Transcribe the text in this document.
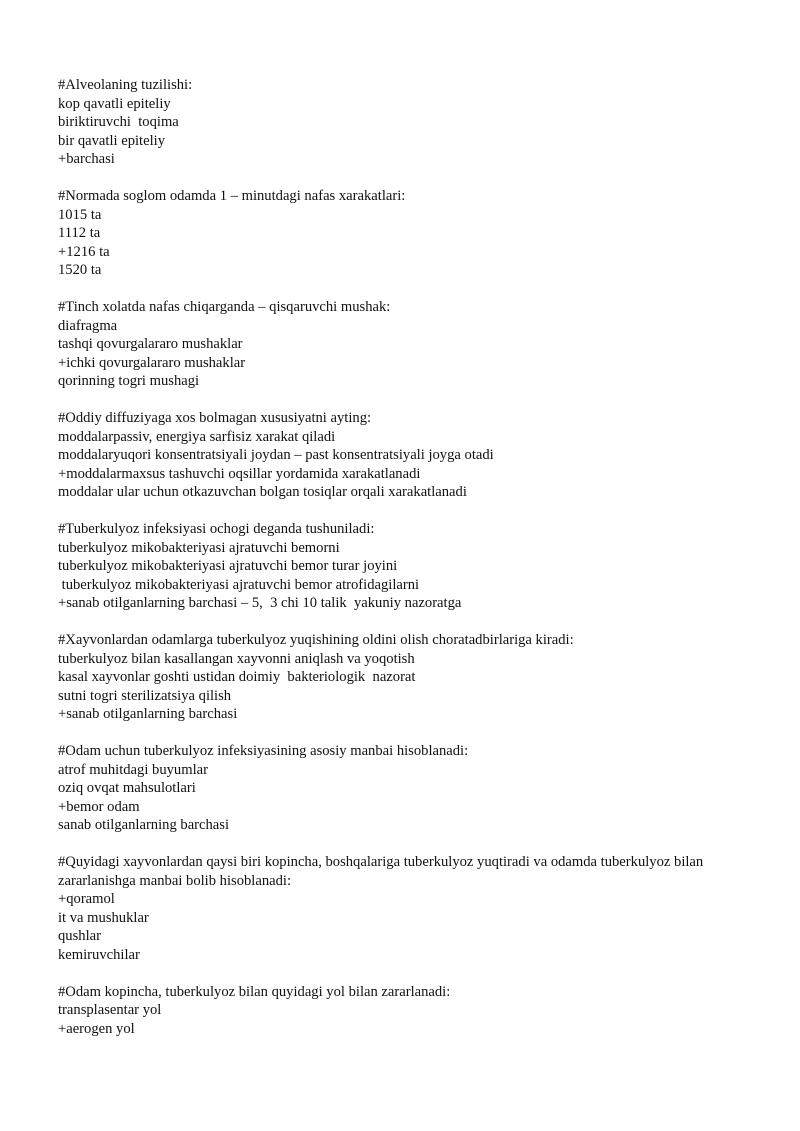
#Alveolaning tuzilishi:
kop qavatli epiteliy
biriktiruvchi  toqima
bir qavatli epiteliy
+barchasi
#Normada soglom odamda 1 – minutdagi nafas xarakatlari:
1015 ta
1112 ta
+1216 ta
1520 ta
#Tinch xolatda nafas chiqarganda – qisqaruvchi mushak:
diafragma
tashqi qovurgalararo mushaklar
+ichki qovurgalararo mushaklar
qorinning togri mushagi
#Oddiy diffuziyaga xos bolmagan xususiyatni ayting:
moddalarpassiv, energiya sarfisiz xarakat qiladi
moddalaryuqori konsentratsiyali joydan – past konsentratsiyali joyga otadi
+moddalarmaxsus tashuvchi oqsillar yordamida xarakatlanadi
moddalar ular uchun otkazuvchan bolgan tosiqlar orqali xarakatlanadi
#Tuberkulyoz infeksiyasi ochogi deganda tushuniladi:
tuberkulyoz mikobakteriyasi ajratuvchi bemorni
tuberkulyoz mikobakteriyasi ajratuvchi bemor turar joyini
tuberkulyoz mikobakteriyasi ajratuvchi bemor atrofidagilarni
+sanab otilganlarning barchasi – 5,  3 chi 10 talik  yakuniy nazoratga
#Xayvonlardan odamlarga tuberkulyoz yuqishining oldini olish choratadbirlariga kiradi:
tuberkulyoz bilan kasallangan xayvonni aniqlash va yoqotish
kasal xayvonlar goshti ustidan doimiy  bakteriologik  nazorat
sutni togri sterilizatsiya qilish
+sanab otilganlarning barchasi
#Odam uchun tuberkulyoz infeksiyasining asosiy manbai hisoblanadi:
atrof muhitdagi buyumlar
oziq ovqat mahsulotlari
+bemor odam
sanab otilganlarning barchasi
#Quyidagi xayvonlardan qaysi biri kopincha, boshqalariga tuberkulyoz yuqtiradi va odamda tuberkulyoz bilan zararlanishga manbai bolib hisoblanadi:
+qoramol
it va mushuklar
qushlar
kemiruvchilar
#Odam kopincha, tuberkulyoz bilan quyidagi yol bilan zararlanadi:
transplasentar yol
+aerogen yol
